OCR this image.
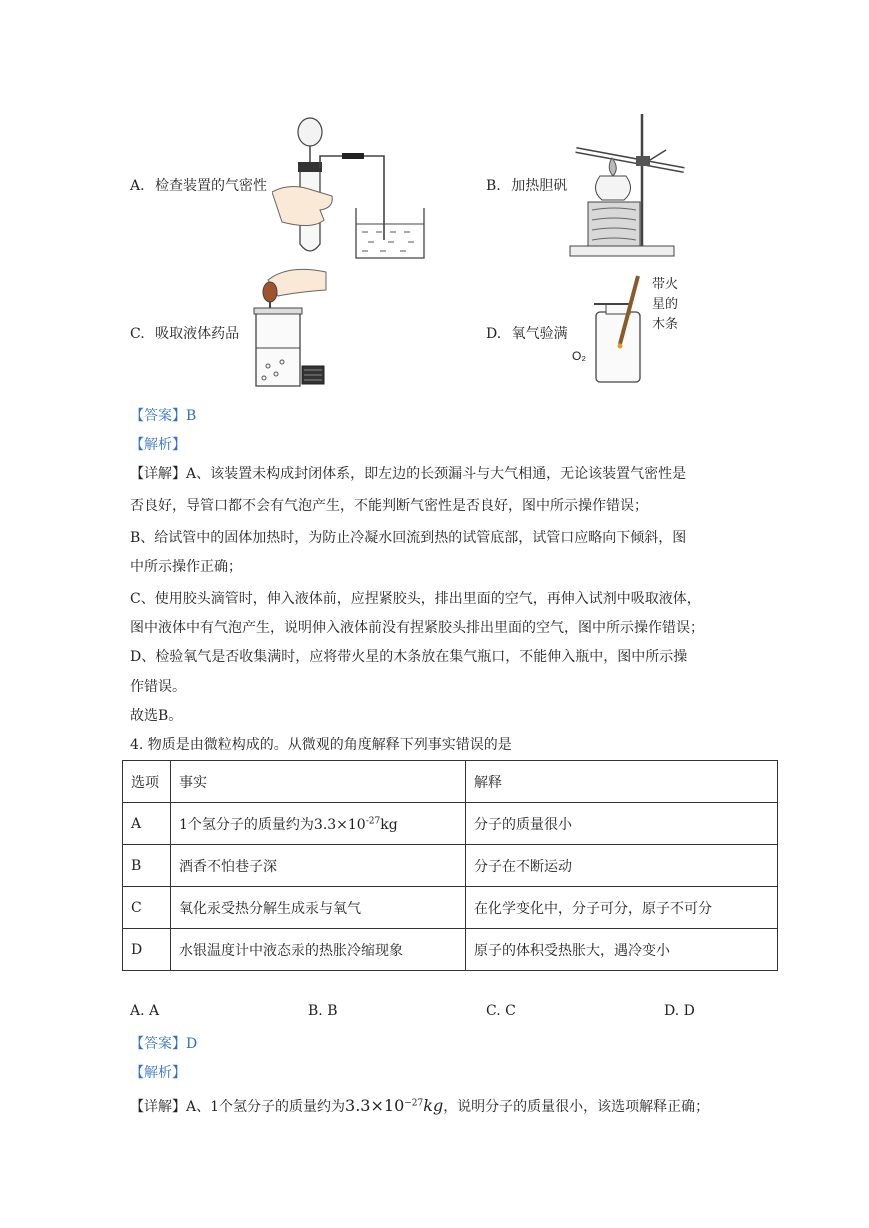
A. 检查装置的气密性	B. 加热胆矾
C. 吸取液体药品	D. 氧气验满
带火
星的
木条
O₂
【答案】B
【解析】
【详解】A、该装置未构成封闭体系，即左边的长颈漏斗与大气相通，无论该装置气密性是
否良好，导管口都不会有气泡产生，不能判断气密性是否良好，图中所示操作错误；
B、给试管中的固体加热时，为防止冷凝水回流到热的试管底部，试管口应略向下倾斜，图
中所示操作正确；
C、使用胶头滴管时，伸入液体前，应捏紧胶头，排出里面的空气，再伸入试剂中吸取液体，
图中液体中有气泡产生，说明伸入液体前没有捏紧胶头排出里面的空气，图中所示操作错误；
D、检验氧气是否收集满时，应将带火星的木条放在集气瓶口，不能伸入瓶中，图中所示操
作错误。
故选B。
4. 物质是由微粒构成的。从微观的角度解释下列事实错误的是
选项	事实	解释
A	1个氢分子的质量约为$3.3\times 10^{-27}kg$	分子的质量很小
B	酒香不怕巷子深	分子在不断运动
C	氧化汞受热分解生成汞与氧气	在化学变化中，分子可分，原子不可分
D	水银温度计中液态汞的热胀冷缩现象	原子的体积受热胀大，遇冷变小
A. A	B. B	C. C	D. D
【答案】D
【解析】
【详解】A、1个氢分子的质量约为$3.3\times 10^{-27}kg$，说明分子的质量很小，该选项解释正确；
